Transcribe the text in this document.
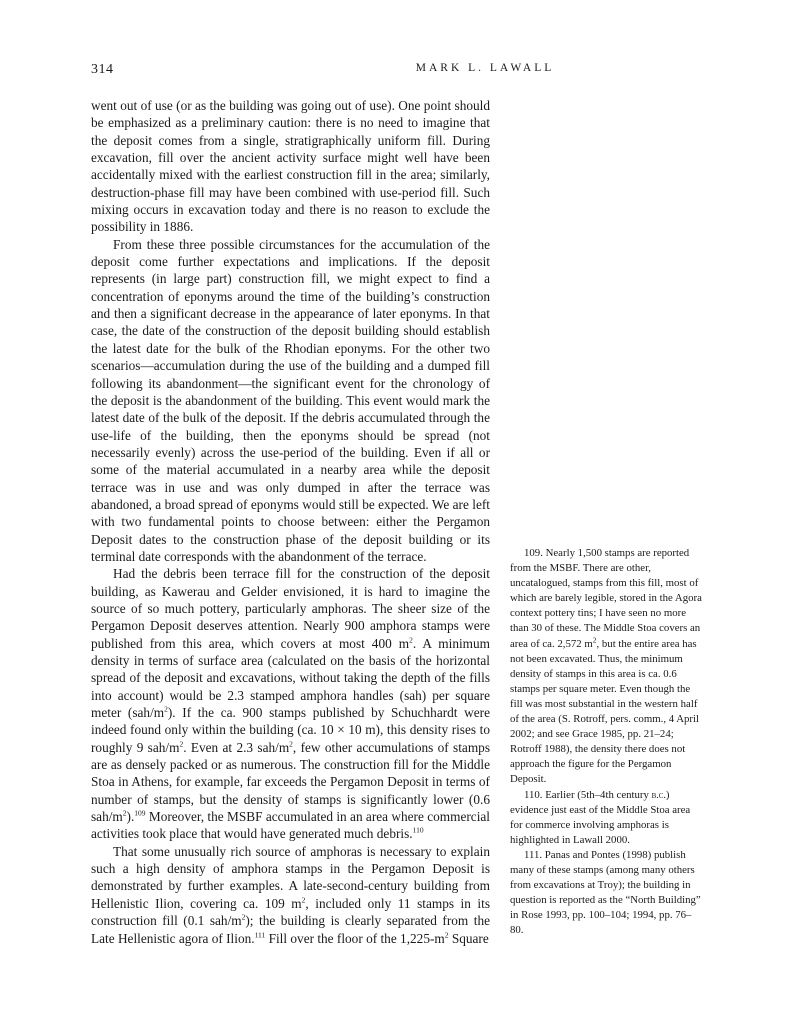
314	MARK L. LAWALL

went out of use (or as the building was going out of use). One point should be emphasized as a preliminary caution: there is no need to imagine that the deposit comes from a single, stratigraphically uniform fill. During excavation, fill over the ancient activity surface might well have been accidentally mixed with the earliest construction fill in the area; similarly, destruction-phase fill may have been combined with use-period fill. Such mixing occurs in excavation today and there is no reason to exclude the possibility in 1886.

From these three possible circumstances for the accumulation of the deposit come further expectations and implications. If the deposit represents (in large part) construction fill, we might expect to find a concentration of eponyms around the time of the building’s construction and then a significant decrease in the appearance of later eponyms. In that case, the date of the construction of the deposit building should establish the latest date for the bulk of the Rhodian eponyms. For the other two scenarios—accumulation during the use of the building and a dumped fill following its abandonment—the significant event for the chronology of the deposit is the abandonment of the building. This event would mark the latest date of the bulk of the deposit. If the debris accumulated through the use-life of the building, then the eponyms should be spread (not necessarily evenly) across the use-period of the building. Even if all or some of the material accumulated in a nearby area while the deposit terrace was in use and was only dumped in after the terrace was abandoned, a broad spread of eponyms would still be expected. We are left with two fundamental points to choose between: either the Pergamon Deposit dates to the construction phase of the deposit building or its terminal date corresponds with the abandonment of the terrace.

Had the debris been terrace fill for the construction of the deposit building, as Kawerau and Gelder envisioned, it is hard to imagine the source of so much pottery, particularly amphoras. The sheer size of the Pergamon Deposit deserves attention. Nearly 900 amphora stamps were published from this area, which covers at most 400 $m^2$. A minimum density in terms of surface area (calculated on the basis of the horizontal spread of the deposit and excavations, without taking the depth of the fills into account) would be 2.3 stamped amphora handles (sah) per square meter $(sah/m^2)$. If the ca. 900 stamps published by Schuchhardt were indeed found only within the building (ca. 10 × 10 m), this density rises to roughly 9 sah/$m^2$. Even at 2.3 sah/$m^2$, few other accumulations of stamps are as densely packed or as numerous. The construction fill for the Middle Stoa in Athens, for example, far exceeds the Pergamon Deposit in terms of number of stamps, but the density of stamps is significantly lower (0.6 sah/$m^2).^{109}$ Moreover, the MSBF accumulated in an area where commercial activities took place that would have generated much debris.$^{110}$

That some unusually rich source of amphoras is necessary to explain such a high density of amphora stamps in the Pergamon Deposit is demonstrated by further examples. A late-second-century building from Hellenistic Ilion, covering ca. 109 $m^2$, included only 11 stamps in its construction fill (0.1 sah/$m^2$); the building is clearly separated from the Late Hellenistic agora of Ilion.$^{111}$ Fill over the floor of the $1,225-m^2$ Square

109. Nearly 1,500 stamps are reported from the MSBF. There are other, uncatalogued, stamps from this fill, most of which are barely legible, stored in the Agora context pottery tins; I have seen no more than 30 of these. The Middle Stoa covers an area of ca. 2,572 $m^2$, but the entire area has not been excavated. Thus, the minimum density of stamps in this area is ca. 0.6 stamps per square meter. Even though the fill was most substantial in the western half of the area (S. Rotroff, pers. comm., 4 April 2002; and see Grace 1985, pp. 21–24; Rotroff 1988), the density there does not approach the figure for the Pergamon Deposit.

110. Earlier (5th–4th century b.c.) evidence just east of the Middle Stoa area for commerce involving amphoras is highlighted in Lawall 2000.

111. Panas and Pontes (1998) publish many of these stamps (among many others from excavations at Troy); the building in question is reported as the “North Building” in Rose 1993, pp. 100–104; 1994, pp. 76–80.
